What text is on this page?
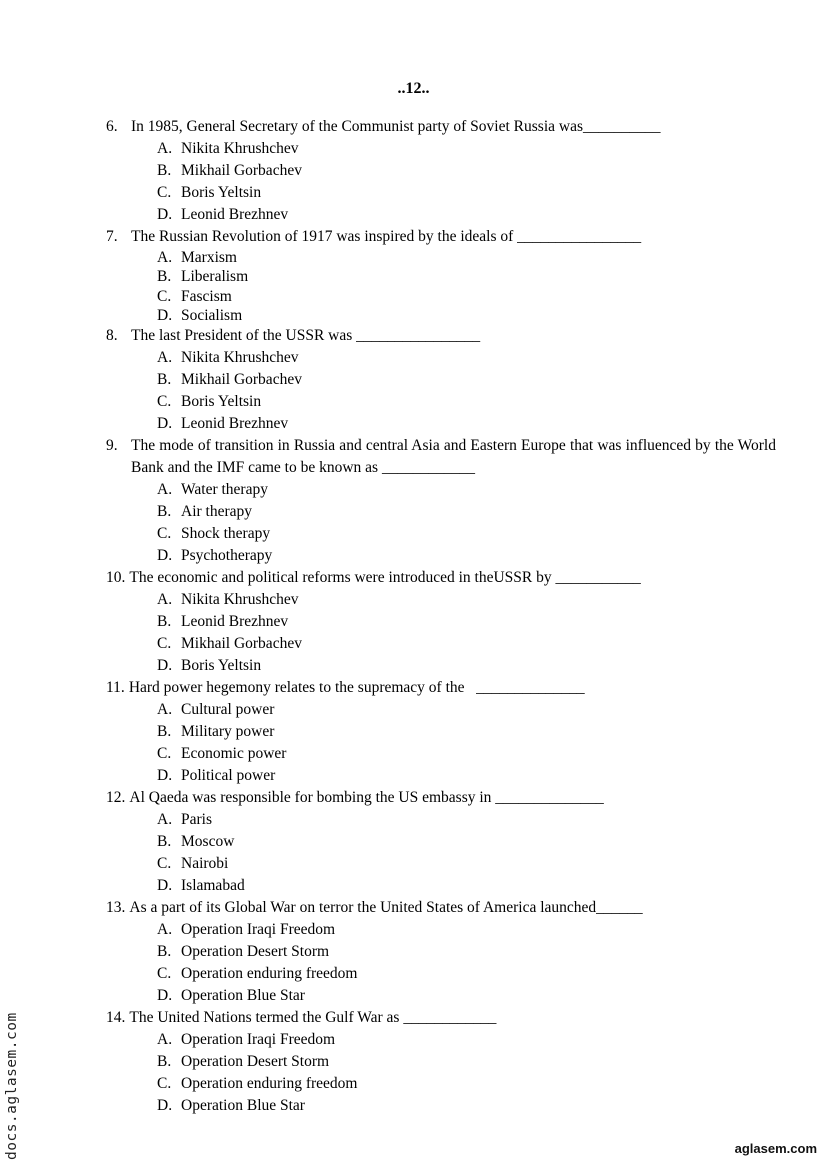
..12..
6. In 1985, General Secretary of the Communist party of Soviet Russia was__________
A. Nikita Khrushchev
B. Mikhail Gorbachev
C. Boris Yeltsin
D. Leonid Brezhnev
7. The Russian Revolution of 1917 was inspired by the ideals of ________________
A. Marxism
B. Liberalism
C. Fascism
D. Socialism
8. The last President of the USSR was ________________
A. Nikita Khrushchev
B. Mikhail Gorbachev
C. Boris Yeltsin
D. Leonid Brezhnev
9. The mode of transition in Russia and central Asia and Eastern Europe that was influenced by the World Bank and the IMF came to be known as ____________
A. Water therapy
B. Air therapy
C. Shock therapy
D. Psychotherapy
10. The economic and political reforms were introduced in theUSSR by ___________
A. Nikita Khrushchev
B. Leonid Brezhnev
C. Mikhail Gorbachev
D. Boris Yeltsin
11. Hard power hegemony relates to the supremacy of the   ______________
A. Cultural power
B. Military power
C. Economic power
D. Political power
12. Al Qaeda was responsible for bombing the US embassy in ______________
A. Paris
B. Moscow
C. Nairobi
D. Islamabad
13. As a part of its Global War on terror the United States of America launched______
A. Operation Iraqi Freedom
B. Operation Desert Storm
C. Operation enduring freedom
D. Operation Blue Star
14. The United Nations termed the Gulf War as ____________
A. Operation Iraqi Freedom
B. Operation Desert Storm
C. Operation enduring freedom
D. Operation Blue Star
docs.aglasem.com	aglasem.com
